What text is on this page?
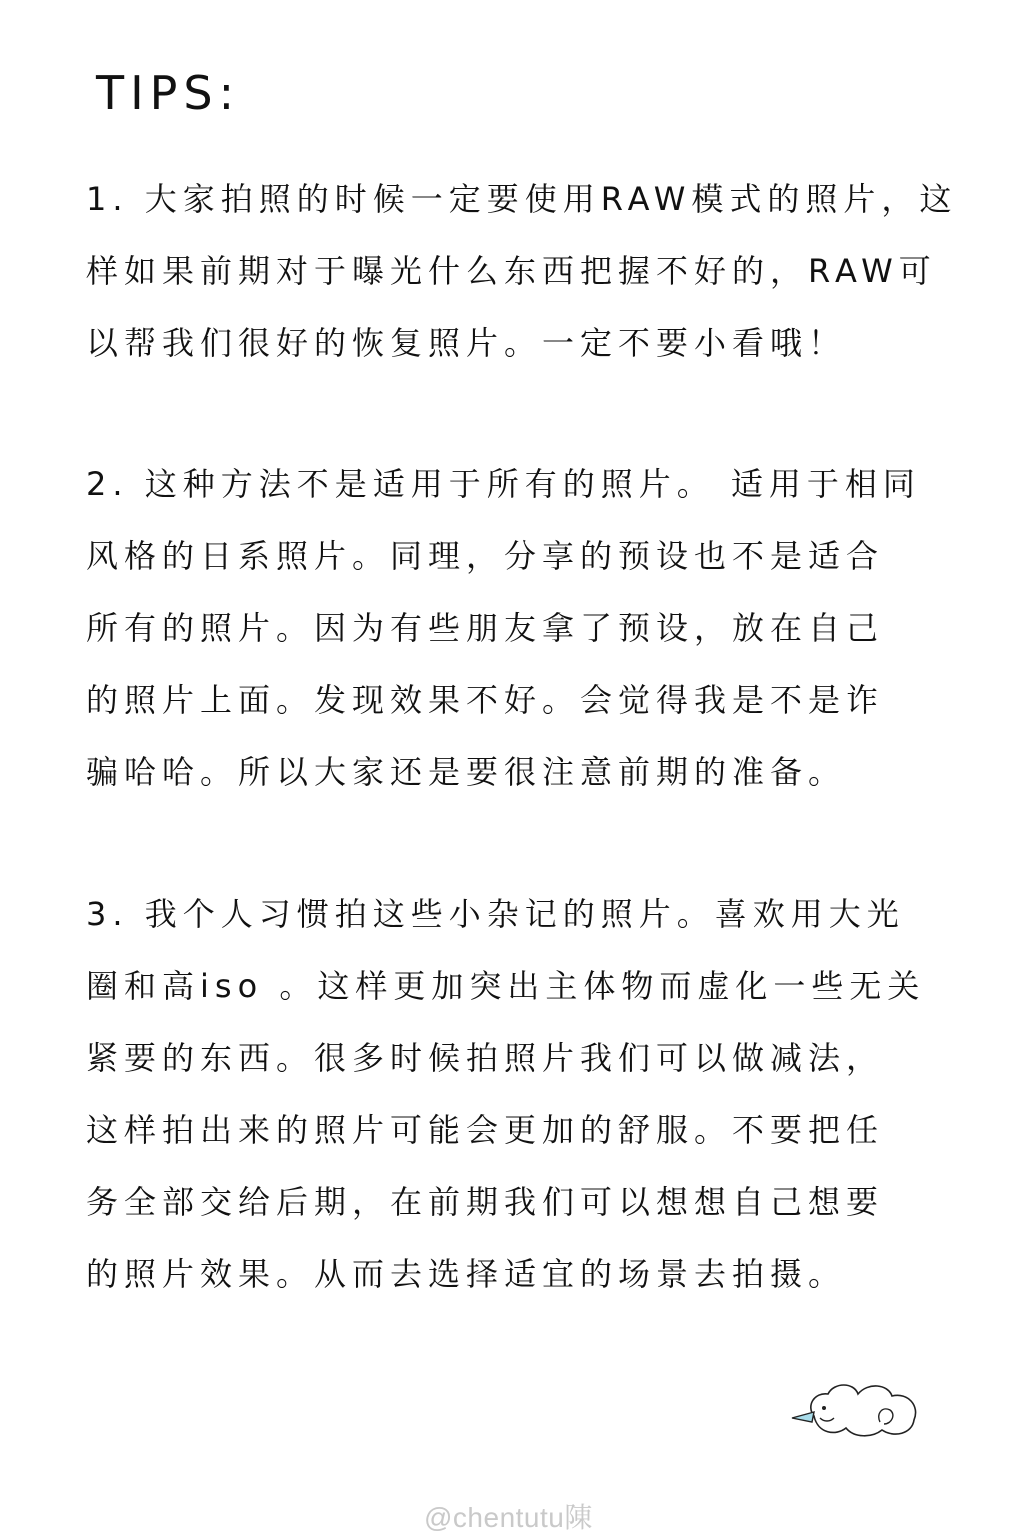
TIPS:
1. 大家拍照的时候一定要使用RAW模式的照片，这
样如果前期对于曝光什么东西把握不好的，RAW可
以帮我们很好的恢复照片。一定不要小看哦！
2. 这种方法不是适用于所有的照片。 适用于相同
风格的日系照片。同理，分享的预设也不是适合
所有的照片。因为有些朋友拿了预设，放在自己
的照片上面。发现效果不好。会觉得我是不是诈
骗哈哈。所以大家还是要很注意前期的准备。
3. 我个人习惯拍这些小杂记的照片。喜欢用大光
圈和高iso 。这样更加突出主体物而虚化一些无关
紧要的东西。很多时候拍照片我们可以做减法，
这样拍出来的照片可能会更加的舒服。不要把任
务全部交给后期，在前期我们可以想想自己想要
的照片效果。从而去选择适宜的场景去拍摄。
@chentutu陳
